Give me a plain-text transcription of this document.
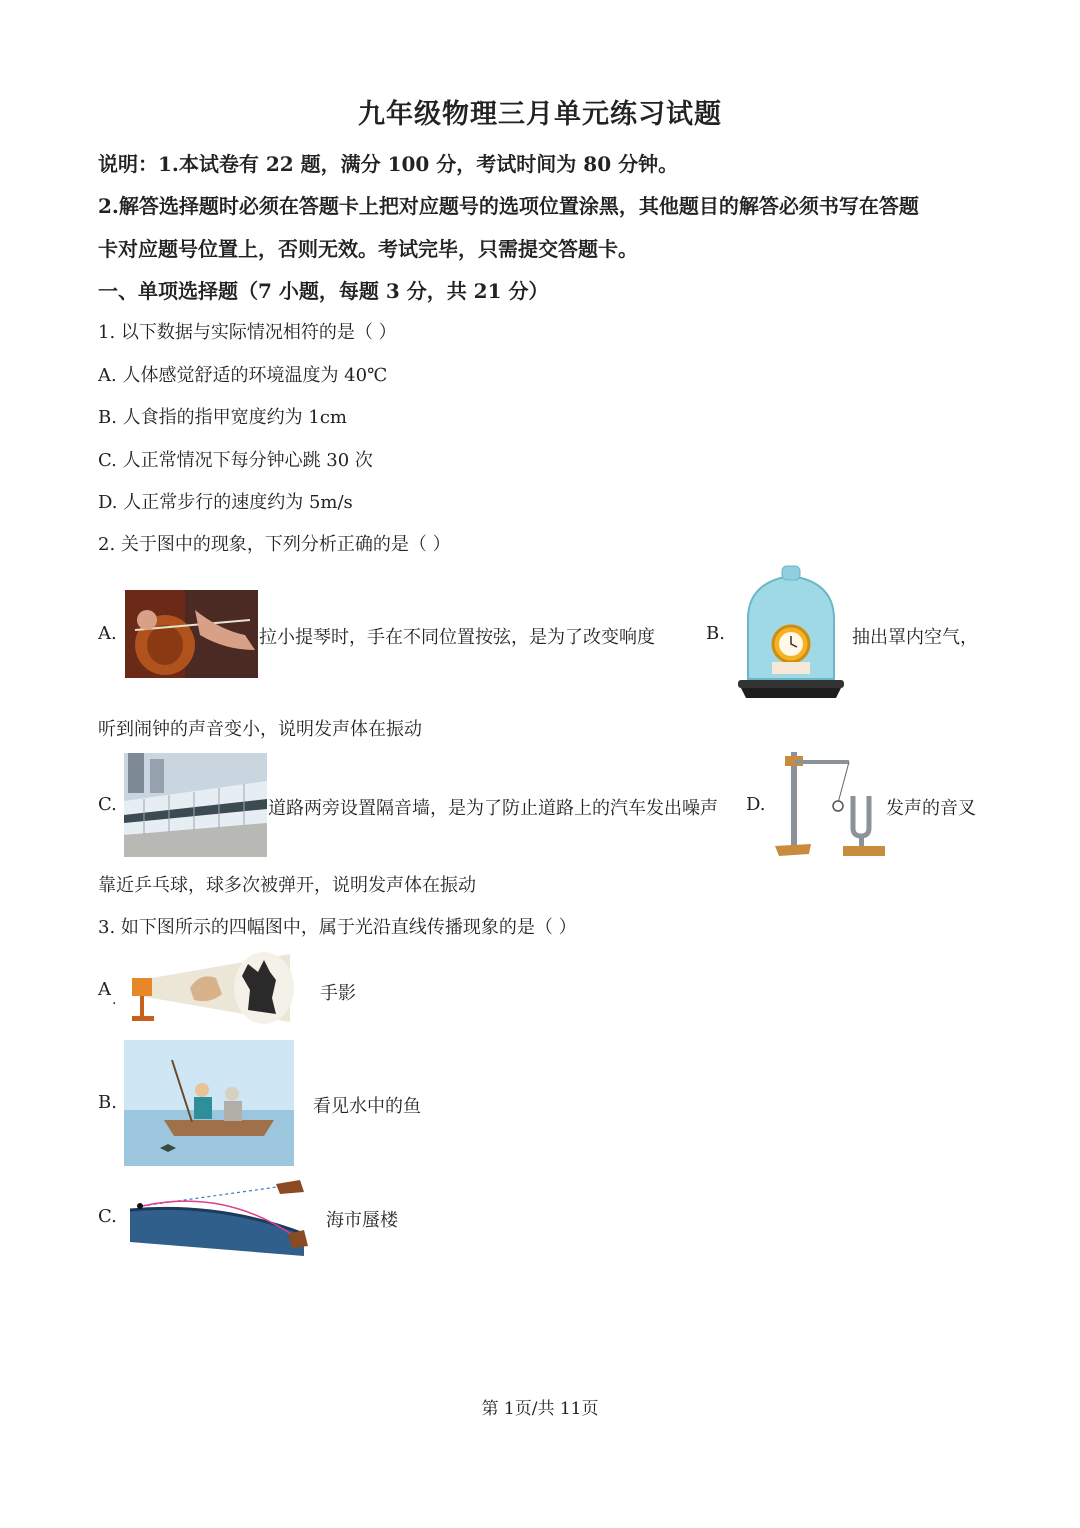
九年级物理三月单元练习试题
说明：1.本试卷有 22 题，满分 100 分，考试时间为 80 分钟。
2.解答选择题时必须在答题卡上把对应题号的选项位置涂黑，其他题目的解答必须书写在答题
卡对应题号位置上，否则无效。考试完毕，只需提交答题卡。
一、单项选择题（7 小题，每题 3 分，共 21 分）
1. 以下数据与实际情况相符的是（ ）
A. 人体感觉舒适的环境温度为 40℃
B. 人食指的指甲宽度约为 1cm
C. 人正常情况下每分钟心跳 30 次
D. 人正常步行的速度约为 5m/s
2. 关于图中的现象，下列分析正确的是（ ）
A.	拉小提琴时，手在不同位置按弦，是为了改变响度	B.	抽出罩内空气，
听到闹钟的声音变小，说明发声体在振动
C.	道路两旁设置隔音墙，是为了防止道路上的汽车发出噪声 D.	发声的音叉
靠近乒乓球，球多次被弹开，说明发声体在振动
3. 如下图所示的四幅图中，属于光沿直线传播现象的是（ ）
A .	手影
B.	看见水中的鱼
C.	海市蜃楼
第 1页/共 11页
